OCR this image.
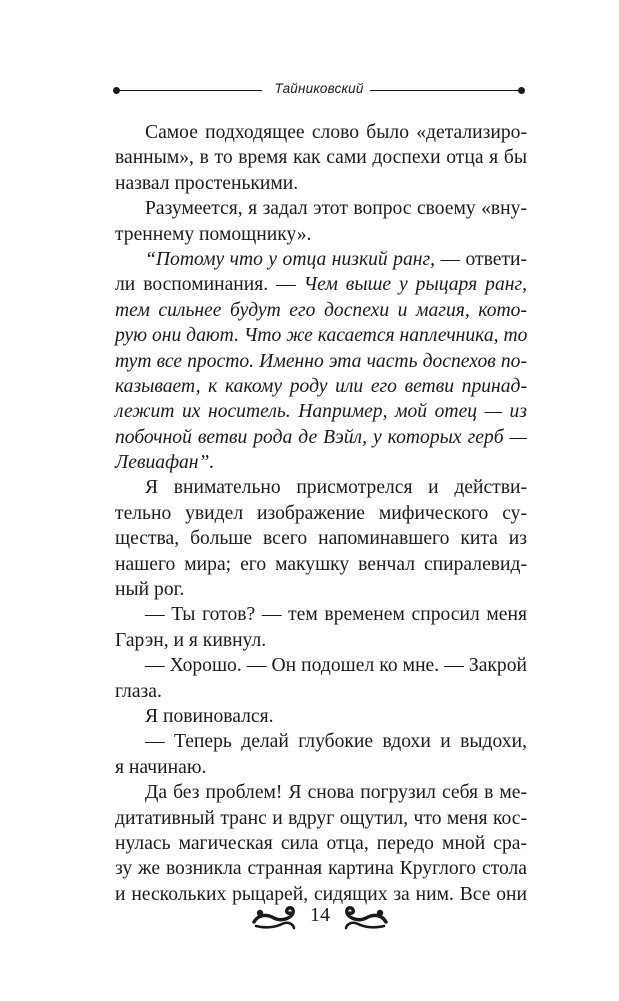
Тайниковский
Самое подходящее слово было «детализиро-
ванным», в то время как сами доспехи отца я бы
назвал простенькими.
Разумеется, я задал этот вопрос своему «вну-
треннему помощнику».
“Потому что у отца низкий ранг, — ответи-
ли воспоминания. — Чем выше у рыцаря ранг,
тем сильнее будут его доспехи и магия, кото-
рую они дают. Что же касается наплечника, то
тут все просто. Именно эта часть доспехов по-
казывает, к какому роду или его ветви принад-
лежит их носитель. Например, мой отец — из
побочной ветви рода де Вэйл, у которых герб —
Левиафан”.
Я внимательно присмотрелся и действи-
тельно увидел изображение мифического су-
щества, больше всего напоминавшего кита из
нашего мира; его макушку венчал спиралевид-
ный рог.
— Ты готов? — тем временем спросил меня
Гарэн, и я кивнул.
— Хорошо. — Он подошел ко мне. — Закрой
глаза.
Я повиновался.
— Теперь делай глубокие вдохи и выдохи,
я начинаю.
Да без проблем! Я снова погрузил себя в ме-
дитативный транс и вдруг ощутил, что меня кос-
нулась магическая сила отца, передо мной сра-
зу же возникла странная картина Круглого стола
и нескольких рыцарей, сидящих за ним. Все они
14
